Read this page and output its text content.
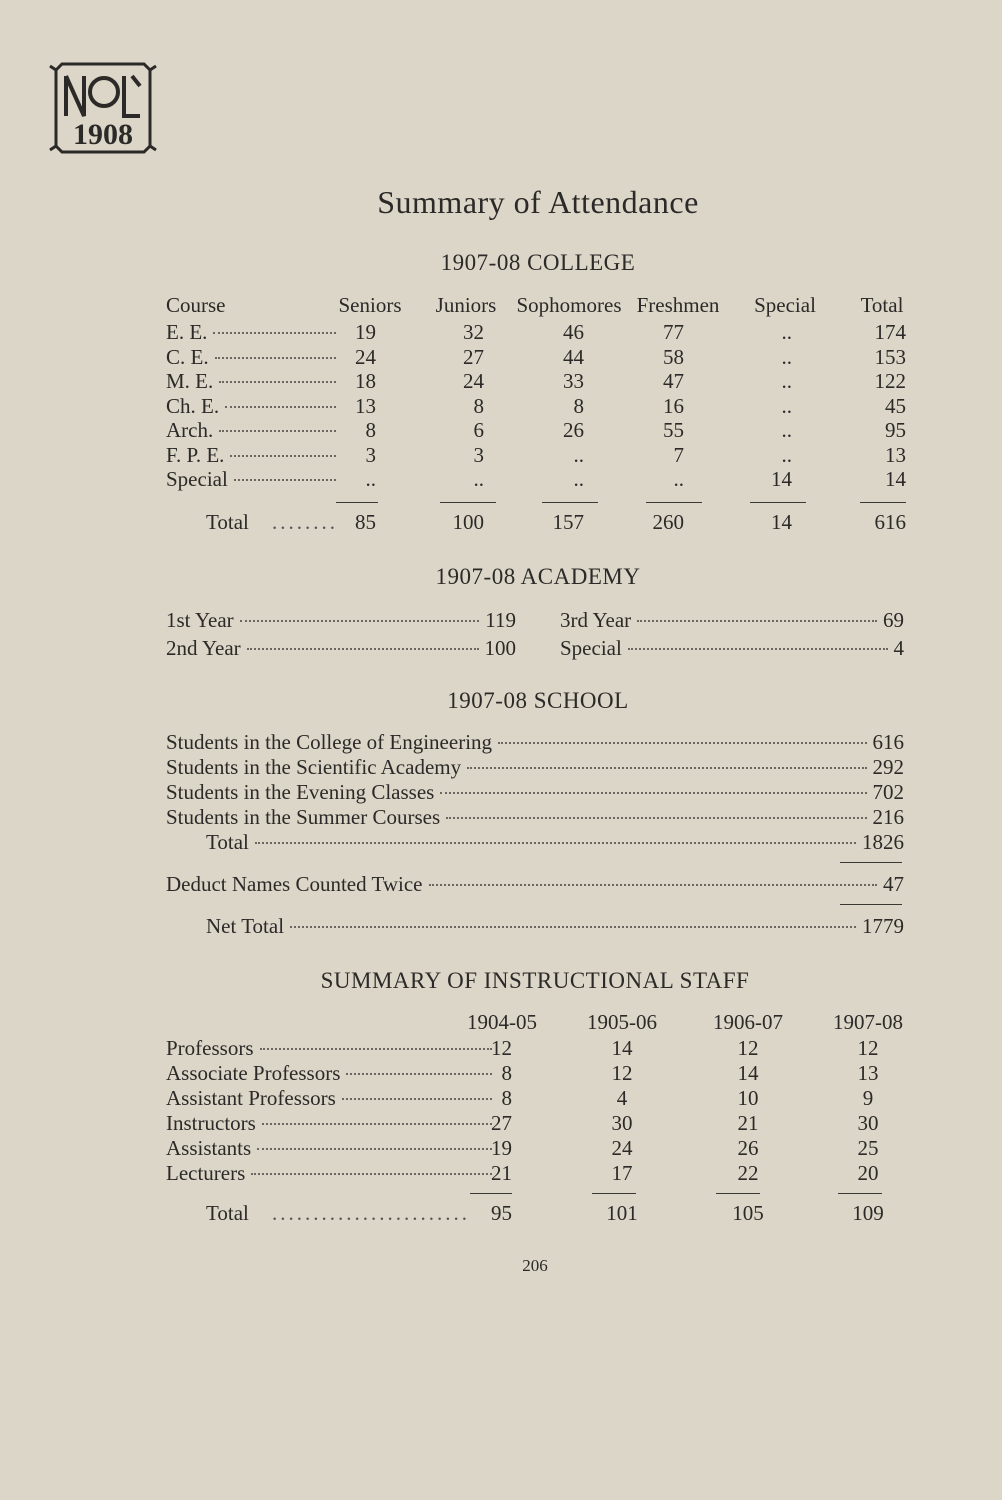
1908
Summary of Attendance
1907-08 COLLEGE
Course	Seniors	Juniors Sophomores Freshmen	Special	Total
E. E.	19	32	46	77	..	174
C. E.	24	27	44	58	..	153
M. E.	18	24	33	47	..	122
Ch. E.	13	8	8	16	..	45
Arch.	8	6	26	55	..	95
F. P. E.	3	3	..	7	..	13
Special	..	..	..	..	14	14
Total ........ 85	100	157	260	14	616
1907-08 ACADEMY
1st Year	119
2nd Year	100
3rd Year	69
Special	4
1907-08 SCHOOL
Students in the College of Engineering	616
Students in the Scientific Academy	292
Students in the Evening Classes	702
Students in the Summer Courses	216
Total	1826
Deduct Names Counted Twice	47
Net Total	1779
SUMMARY OF INSTRUCTIONAL STAFF
1904-05	1905-06	1906-07	1907-08
Professors	12	14	12	12
Associate Professors	8	12	14	13
Assistant Professors	8	4	10	9
Instructors	27	30	21	30
Assistants	19	24	26	25
Lecturers	21	17	22	20
Total ........................	95	101	105	109
206
